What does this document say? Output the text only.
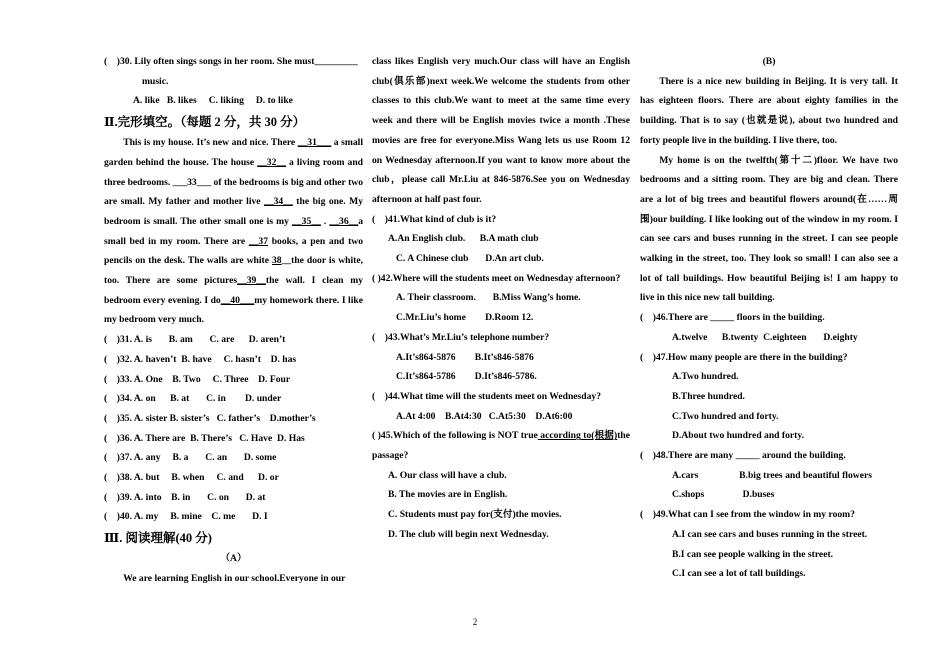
(    )30. Lily often sings songs in her room. She must_________

music.

A. like   B. likes     C. liking     D. to like

Ⅱ.完形填空。（每题 2 分，共 30 分）

This is my house. It’s new and nice. There __31___ a small garden behind the house. The house __32__ a living room and three bedrooms. ___33___ of the bedrooms is big and other two are small. My father and mother live __34__ the big one. My bedroom is small. The other small one is my __35__ . __36__a small bed in my room. There are __37 books, a pen and two pencils on the desk. The walls are white 38__the door is white, too. There are some pictures__39__the wall. I clean my bedroom every evening. I do__40___my homework there. I like my bedroom very much.

(    )31. A. is       B. am       C. are      D. aren’t

(    )32. A. haven’t  B. have     C. hasn’t    D. has

(    )33. A. One    B. Two     C. Three    D. Four

(    )34. A. on      B. at       C. in        D. under

(    )35. A. sister B. sister’s   C. father’s    D.mother’s

(    )36. A. There are  B. There’s   C. Have  D. Has

(    )37. A. any     B. a       C. an       D. some

(    )38. A. but     B. when     C. and      D. or

(    )39. A. into    B. in       C. on       D. at

(    )40. A. my     B. mine    C. me       D. I

Ⅲ. 阅读理解(40 分)

（A）

We are learning English in our school.Everyone in our

class likes English very much.Our class will have an English club(俱乐部)next week.We welcome the students from other classes to this club.We want to meet at the same time every week and there will be English movies twice a month .These movies are free for everyone.Miss Wang lets us use Room 12 on Wednesday afternoon.If you want to know more about the club，please call Mr.Liu at 846-5876.See you on Wednesday afternoon at half past four.

(    )41.What kind of club is it?

A.An English club.      B.A math club

C. A Chinese club       D.An art club.

( )42.Where will the students meet on Wednesday afternoon?

A. Their classroom.       B.Miss Wang’s home.

C.Mr.Liu’s home        D.Room 12.

(    )43.What’s Mr.Liu’s telephone number?

A.It’s864-5876        B.It’s846-5876

C.It’s864-5786        D.It’s846-5786.

(    )44.What time will the students meet on Wednesday?

A.At 4:00    B.At4:30   C.At5:30    D.At6:00

( )45.Which of the following is NOT true according to(根据)the passage?

A. Our class will have a club.

B. The movies are in English.

C. Students must pay for(支付)the movies.

D. The club will begin next Wednesday.

(B)

There is a nice new building in Beijing. It is very tall. It has eighteen floors. There are about eighty families in the building. That is to say (也就是说), about two hundred and forty people live in the building. I live there, too.

My home is on the twelfth(第十二)floor. We have two bedrooms and a sitting room. They are big and clean. There are a lot of big trees and beautiful flowers around(在……周围)our building. I like looking out of the window in my room. I can see cars and buses running in the street. I can see people walking in the street, too. They look so small! I can also see a lot of tall buildings. How beautiful Beijing is! I am happy to live in this nice new tall building.

(    )46.There are _____ floors in the building.

A.twelve      B.twenty  C.eighteen       D.eighty

(    )47.How many people are there in the building?

A.Two hundred.

B.Three hundred.

C.Two hundred and forty.

D.About two hundred and forty.

(    )48.There are many _____ around the building.

A.cars                 B.big trees and beautiful flowers

C.shops                D.buses

(    )49.What can I see from the window in my room?

A.I can see cars and buses running in the street.

B.I can see people walking in the street.

C.I can see a lot of tall buildings.

2
